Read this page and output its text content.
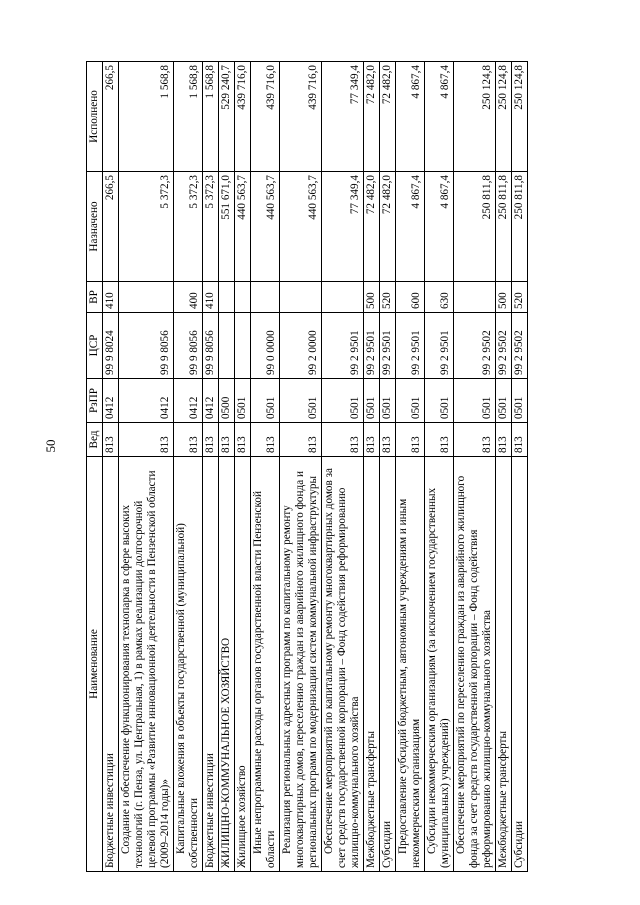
50
Наименование	Вед	РзПР	ЦСР	ВР	Назначено	Исполнено
Бюджетные инвестиции	813	0412	99 9 8024	410	266,5	266,5
Создание и обеспечение функционирования технопарка в сфере высоких технологий (г. Пенза, ул. Центральная, 1) в рамках реализации долгосрочной целевой программы «Развитие инновационной деятельности в Пензенской области (2009–2014 годы)»	813	0412	99 9 8056		5 372,3	1 568,8
Капитальные вложения в объекты государственной (муниципальной) собственности	813	0412	99 9 8056	400	5 372,3	1 568,8
Бюджетные инвестиции	813	0412	99 9 8056	410	5 372,3	1 568,8
ЖИЛИЩНО-КОММУНАЛЬНОЕ ХОЗЯЙСТВО	813	0500			551 671,0	529 240,7
Жилищное хозяйство	813	0501			440 563,7	439 716,0
Иные непрограммные расходы органов государственной власти Пензенской области	813	0501	99 0 0000		440 563,7	439 716,0
Реализация региональных адресных программ по капитальному ремонту многоквартирных домов, переселению граждан из аварийного жилищного фонда и региональных программ по модернизации систем коммунальной инфраструктуры	813	0501	99 2 0000		440 563,7	439 716,0
Обеспечение мероприятий по капитальному ремонту многоквартирных домов за счет средств государственной корпорации – Фонд содействия реформированию жилищно-коммунального хозяйства	813	0501	99 2 9501		77 349,4	77 349,4
Межбюджетные трансферты	813	0501	99 2 9501	500	72 482,0	72 482,0
Субсидии	813	0501	99 2 9501	520	72 482,0	72 482,0
Предоставление субсидий бюджетным, автономным учреждениям и иным некоммерческим организациям	813	0501	99 2 9501	600	4 867,4	4 867,4
Субсидии некоммерческим организациям (за исключением государственных (муниципальных) учреждений)	813	0501	99 2 9501	630	4 867,4	4 867,4
Обеспечение мероприятий по переселению граждан из аварийного жилищного фонда за счет средств государственной корпорации – Фонд содействия реформированию жилищно-коммунального хозяйства	813	0501	99 2 9502		250 811,8	250 124,8
Межбюджетные трансферты	813	0501	99 2 9502	500	250 811,8	250 124,8
Субсидии	813	0501	99 2 9502	520	250 811,8	250 124,8
